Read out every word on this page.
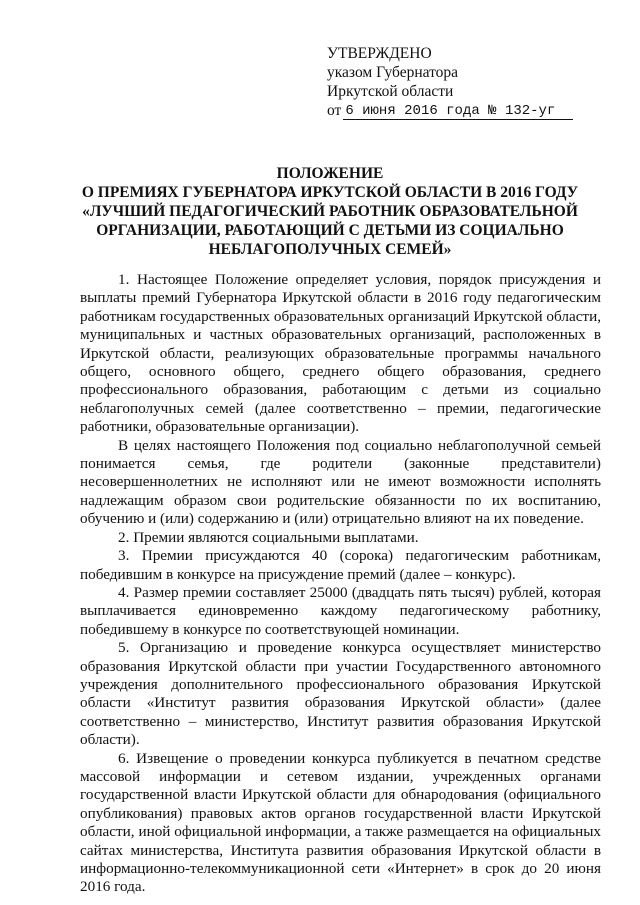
УТВЕРЖДЕНО
указом Губернатора
Иркутской области
от 6 июня 2016 года № 132-уг
ПОЛОЖЕНИЕ
О ПРЕМИЯХ ГУБЕРНАТОРА ИРКУТСКОЙ ОБЛАСТИ В 2016 ГОДУ
«ЛУЧШИЙ ПЕДАГОГИЧЕСКИЙ РАБОТНИК ОБРАЗОВАТЕЛЬНОЙ
ОРГАНИЗАЦИИ, РАБОТАЮЩИЙ С ДЕТЬМИ ИЗ СОЦИАЛЬНО
НЕБЛАГОПОЛУЧНЫХ СЕМЕЙ»

1. Настоящее Положение определяет условия, порядок присуждения и выплаты премий Губернатора Иркутской области в 2016 году педагогическим работникам государственных образовательных организаций Иркутской области, муниципальных и частных образовательных организаций, расположенных в Иркутской области, реализующих образовательные программы начального общего, основного общего, среднего общего образования, среднего профессионального образования, работающим с детьми из социально неблагополучных семей (далее соответственно – премии, педагогические работники, образовательные организации).

В целях настоящего Положения под социально неблагополучной семьей понимается семья, где родители (законные представители) несовершеннолетних не исполняют или не имеют возможности исполнять надлежащим образом свои родительские обязанности по их воспитанию, обучению и (или) содержанию и (или) отрицательно влияют на их поведение.

2. Премии являются социальными выплатами.

3. Премии присуждаются 40 (сорока) педагогическим работникам, победившим в конкурсе на присуждение премий (далее – конкурс).

4. Размер премии составляет 25000 (двадцать пять тысяч) рублей, которая выплачивается единовременно каждому педагогическому работнику, победившему в конкурсе по соответствующей номинации.

5. Организацию и проведение конкурса осуществляет министерство образования Иркутской области при участии Государственного автономного учреждения дополнительного профессионального образования Иркутской области «Институт развития образования Иркутской области» (далее соответственно – министерство, Институт развития образования Иркутской области).

6. Извещение о проведении конкурса публикуется в печатном средстве массовой информации и сетевом издании, учрежденных органами государственной власти Иркутской области для обнародования (официального опубликования) правовых актов органов государственной власти Иркутской области, иной официальной информации, а также размещается на официальных сайтах министерства, Института развития образования Иркутской области в информационно-телекоммуникационной сети «Интернет» в срок до 20 июня 2016 года.
